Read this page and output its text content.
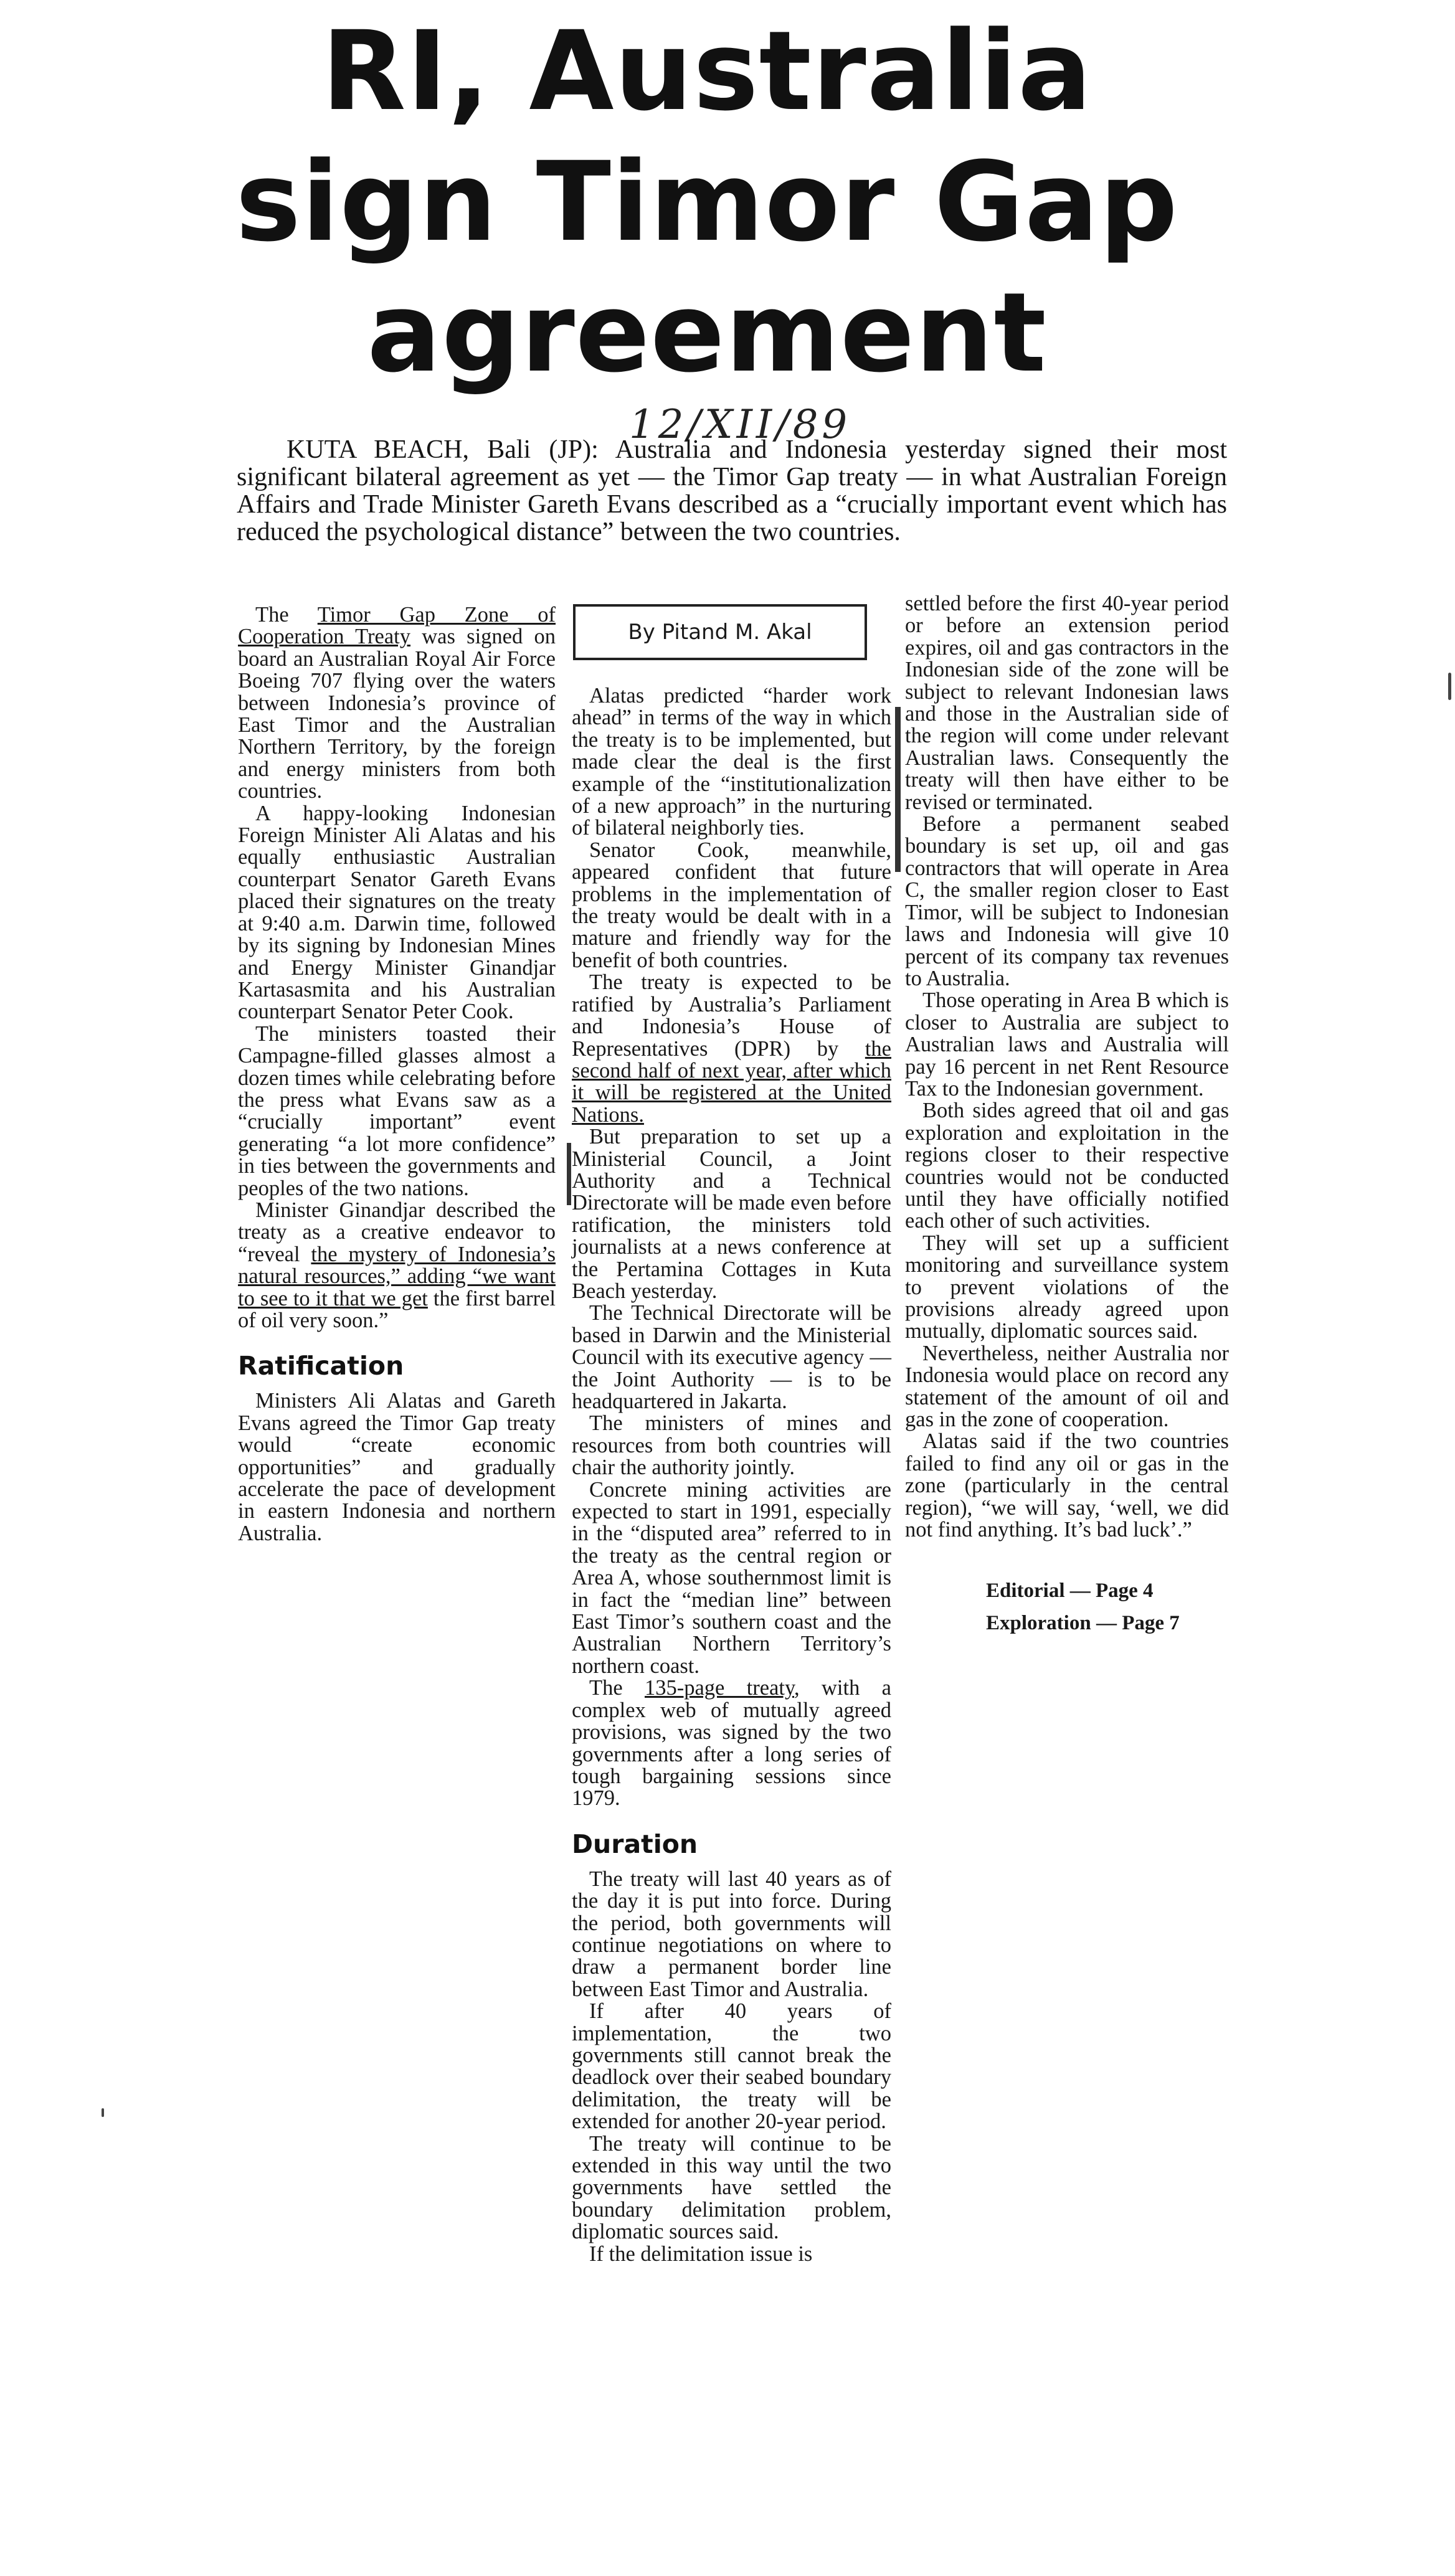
RI, Australia
sign Timor Gap
agreement
12/XII/89
KUTA BEACH, Bali (JP): Australia and Indonesia yesterday signed their most significant bilateral agreement as yet — the Timor Gap treaty — in what Australian Foreign Affairs and Trade Minister Gareth Evans described as a “crucially important event which has reduced the psychological distance” between the two countries.
By Pitand M. Akal

The Timor Gap Zone of Cooperation Treaty was signed on board an Australian Royal Air Force Boeing 707 flying over the waters between Indonesia’s province of East Timor and the Australian Northern Territory, by the foreign and energy ministers from both countries.

A happy-looking Indonesian Foreign Minister Ali Alatas and his equally enthusiastic Australian counterpart Senator Gareth Evans placed their signatures on the treaty at 9:40 a.m. Darwin time, followed by its signing by Indonesian Mines and Energy Minister Ginandjar Kartasasmita and his Australian counterpart Senator Peter Cook.

The ministers toasted their Campagne-filled glasses almost a dozen times while celebrating before the press what Evans saw as a “crucially important” event generating “a lot more confidence” in ties between the governments and peoples of the two nations.

Minister Ginandjar described the treaty as a creative endeavor to “reveal the mystery of Indonesia’s natural resources,” adding “we want to see to it that we get the first barrel of oil very soon.”

Ratification

Ministers Ali Alatas and Gareth Evans agreed the Timor Gap treaty would “create economic opportunities” and gradually accelerate the pace of development in eastern Indonesia and northern Australia.

Alatas predicted “harder work ahead” in terms of the way in which the treaty is to be implemented, but made clear the deal is the first example of the “institutionalization of a new approach” in the nurturing of bilateral neighborly ties.

Senator Cook, meanwhile, appeared confident that future problems in the implementation of the treaty would be dealt with in a mature and friendly way for the benefit of both countries.

The treaty is expected to be ratified by Australia’s Parliament and Indonesia’s House of Representatives (DPR) by the second half of next year, after which it will be registered at the United Nations.

But preparation to set up a Ministerial Council, a Joint Authority and a Technical Directorate will be made even before ratification, the ministers told journalists at a news conference at the Pertamina Cottages in Kuta Beach yesterday.

The Technical Directorate will be based in Darwin and the Ministerial Council with its executive agency — the Joint Authority — is to be headquartered in Jakarta.

The ministers of mines and resources from both countries will chair the authority jointly.

Concrete mining activities are expected to start in 1991, especially in the “disputed area” referred to in the treaty as the central region or Area A, whose southernmost limit is in fact the “median line” between East Timor’s southern coast and the Australian Northern Territory’s northern coast.

The 135-page treaty, with a complex web of mutually agreed provisions, was signed by the two governments after a long series of tough bargaining sessions since 1979.

Duration

The treaty will last 40 years as of the day it is put into force. During the period, both governments will continue negotiations on where to draw a permanent border line between East Timor and Australia.

If after 40 years of implementation, the two governments still cannot break the deadlock over their seabed boundary delimitation, the treaty will be extended for another 20-year period.

The treaty will continue to be extended in this way until the two governments have settled the boundary delimitation problem, diplomatic sources said.

If the delimitation issue is

settled before the first 40-year period or before an extension period expires, oil and gas contractors in the Indonesian side of the zone will be subject to relevant Indonesian laws and those in the Australian side of the region will come under relevant Australian laws. Consequently the treaty will then have either to be revised or terminated.

Before a permanent seabed boundary is set up, oil and gas contractors that will operate in Area C, the smaller region closer to East Timor, will be subject to Indonesian laws and Indonesia will give 10 percent of its company tax revenues to Australia.

Those operating in Area B which is closer to Australia are subject to Australian laws and Australia will pay 16 percent in net Rent Resource Tax to the Indonesian government.

Both sides agreed that oil and gas exploration and exploitation in the regions closer to their respective countries would not be conducted until they have officially notified each other of such activities.

They will set up a sufficient monitoring and surveillance system to prevent violations of the provisions already agreed upon mutually, diplomatic sources said.

Nevertheless, neither Australia nor Indonesia would place on record any statement of the amount of oil and gas in the zone of cooperation.

Alatas said if the two countries failed to find any oil or gas in the zone (particularly in the central region), “we will say, ‘well, we did not find anything. It’s bad luck’.”

Editorial — Page 4
Exploration — Page 7
